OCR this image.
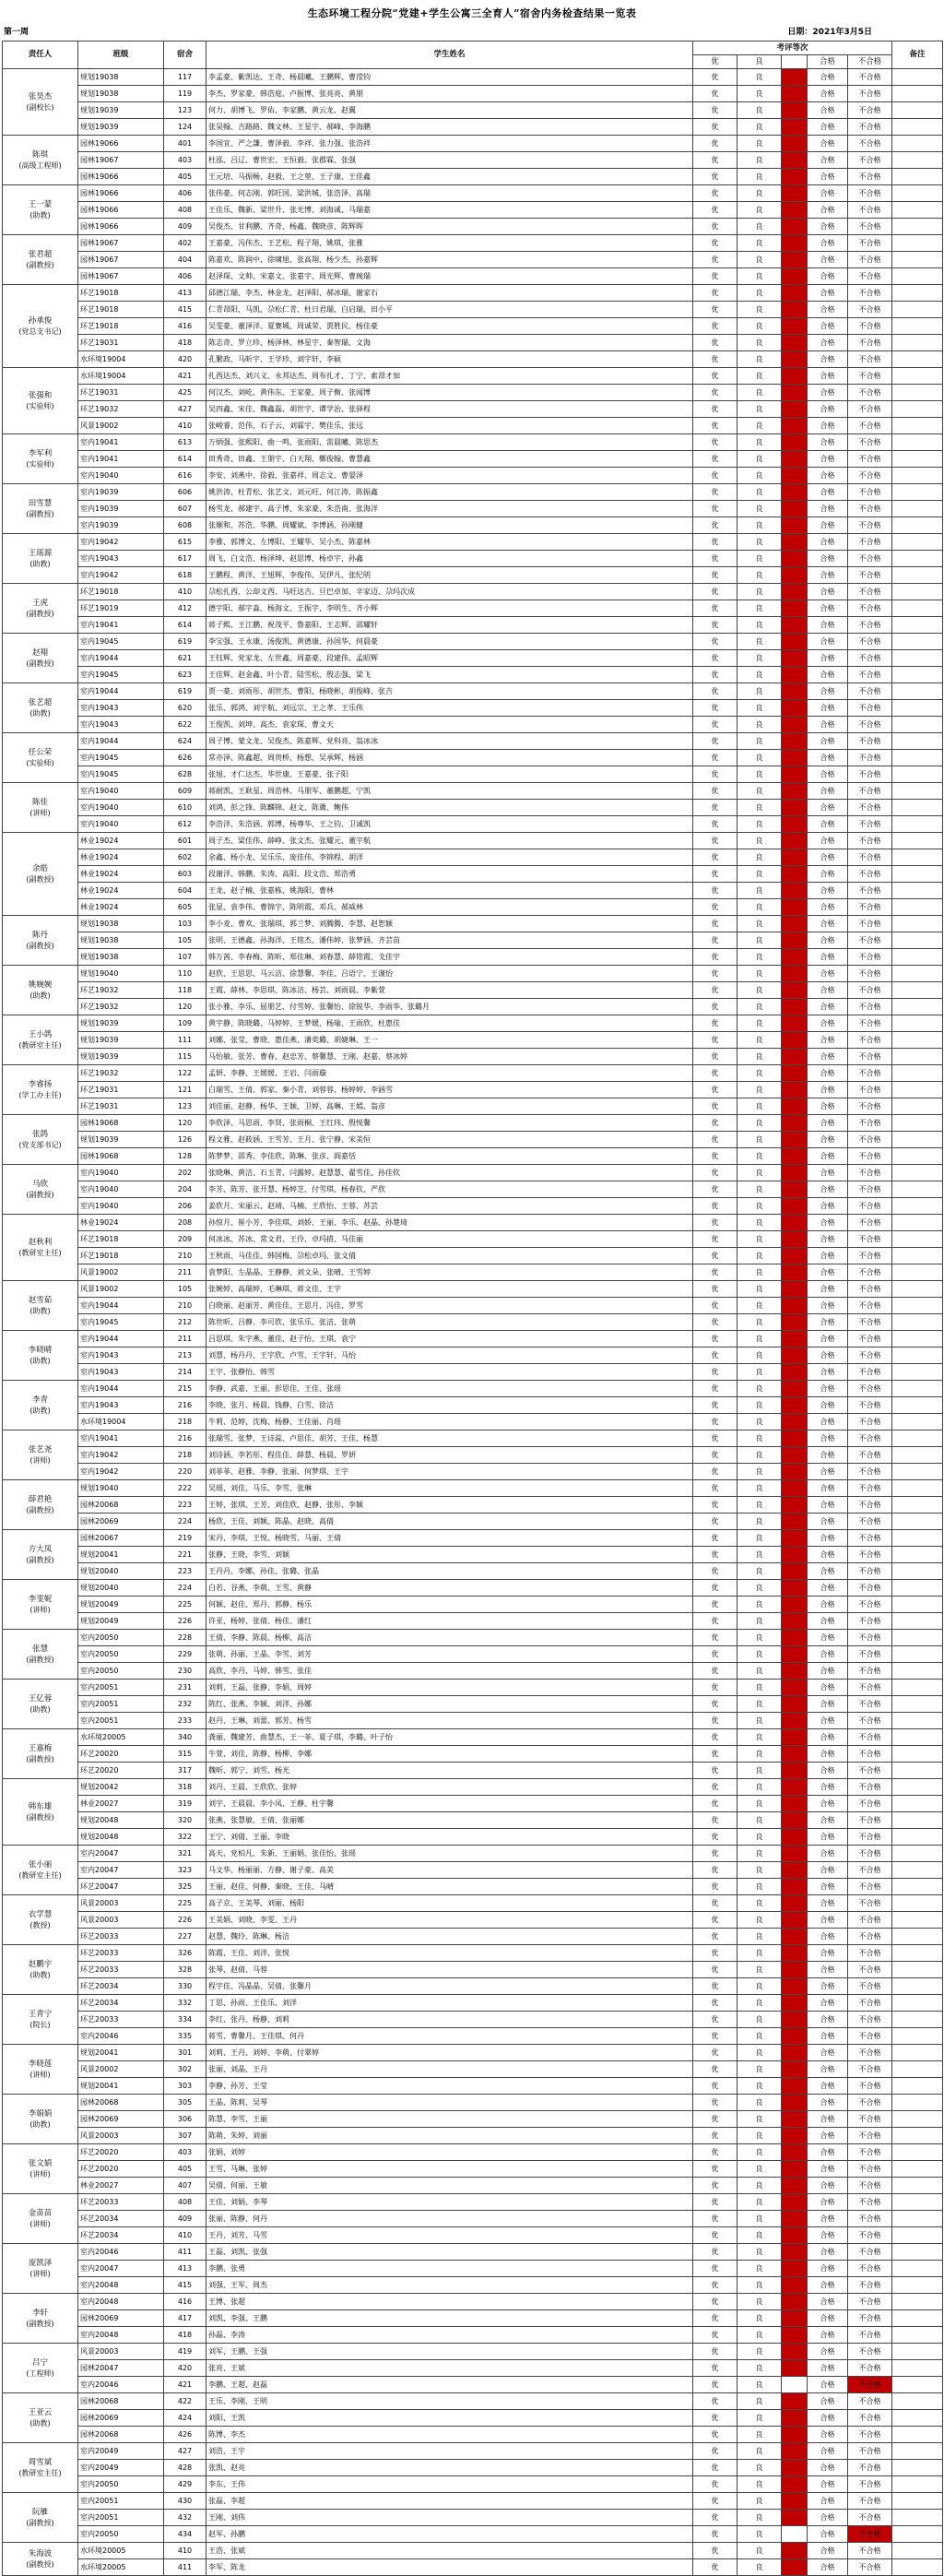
生态环境工程分院“党建+学生公寓三全育人”宿舍内务检查结果一览表
第一周	日期：2021年3月5日
责任人	班级	宿舍	学生姓名	考评等次					备注
				优	良		合格	不合格	

张昊杰
(副校长)	规划19038	117	李孟豪、紫凯达、王奇、杨晨曦、王鹏辉、曹滢钧	优	良		合格	不合格	
	规划19038	119	李杰、罗家豪、韩浩庭、卢振博、张亮亮、黄朋	优	良		合格	不合格	
	规划19039	123	何力、胡博飞、罗佑、李家鹏、黄云龙、赵翼	优	良		合格	不合格	
	规划19039	124	张昊翰、吉路路、魏文林、王星宇、郝峰、李海鹏	优	良		合格	不合格	

陈琪
(高级工程师)	园林19066	401	李国宜、严之謙、曹泽毅、李祥、张力强、张浩祥	优	良		合格	不合格	
	园林19067	403	杜泓、吕辽、曹世宏、王恒毅、张郡霖、张强	优	良		合格	不合格	
	园林19066	405	王元培、马振畅、赵毅、王之堃、王子康、王佳鑫	优	良		合格	不合格	

王一蒙
(助教)	园林19066	406	张伟豪、何志刚、郭旺国、梁洪城、张浩泽、高瑞	优	良		合格	不合格	
	园林19066	408	王佳乐、魏新、梁世升、张光博、刘海诚、马瑞嘉	优	良		合格	不合格	
	园林19066	409	吴俊杰、甘利鹏、齐奇、杨鑫、魏晓彦、陈辉晖	优	良		合格	不合格	

张君超
(副教授)	园林19067	402	王嘉豪、冯伟杰、王艺松、程子翔、姚琪、张雅	优	良		合格	不合格	
	园林19067	404	陈嘉欢、陈润中、徐啸旭、张高翔、杨少杰、孙嘉辉	优	良		合格	不合格	
	园林19067	406	赵泽琛、文帅、宋嘉文、张嘉宇、周光辉、曹琬瑞	优	良		合格	不合格	

孙承俊
(党总支书记)	环艺19018	413	邱德江瑞、李杰、林金龙、赵泽阳、郝冰瑞、谢家石	优	良		合格	不合格	
	环艺19018	415	仁青昂阳、马凯、尕松仁青、杜日君瑞、白启瑞、田小平	优	良		合格	不合格	
	环艺19018	416	吴雯豪、董泽洋、夏赛城、周诚荣、贾胜民、杨佳豪	优	良		合格	不合格	
	环艺19031	418	陈志奇、罗立珍、杨泽林、林星宇、秦智瑞、文海	优	良		合格	不合格	
	水环境19004	420	孔繁政、马昕宇、王学珍、刘宇轩、李硕	优	良		合格	不合格	

张强和
(实验师)	水环境19004	421	扎西达杰、刘兴义、永邦达杰、周布扎才、丁宁、索昂才加	优	良		合格	不合格	
	环艺19031	425	何汉杰、刘屹、黄伟东、王家豪、周子衡、张闻博	优	良		合格	不合格	
	环艺19032	427	吴四鑫、宋佳、魏鑫磊、胡世宇、谭学治、张驿程	优	良		合格	不合格	
	风景19002	410	张峻睿、范伟、石子云、刘霖宇、樊佳乐、张远	优	良		合格	不合格	

李军利
(实验师)	室内19041	613	万炳强、张熙阳、曲一鸣、张雨阳、雷晨曦、陈思杰	优	良		合格	不合格	
	室内19041	614	田秀奇、田鑫、王朋宇、白天翔、鄭俊翰、曹慧鑫	优	良		合格	不合格	
	室内19040	616	李安、刘燕中、徐毅、张嘉祥、周志文、曹晏泽	优	良		合格	不合格	

田雪慧
(副教授)	室内19039	606	姚洪涛、杜青松、张艺文、刘元旺、何江涛、陈振鑫	优	良		合格	不合格	
	室内19039	607	杨雪龙、郝建宇、高子博、朱家豪、朱浩南、张海洋	优	良		合格	不合格	
	室内19039	608	张顺和、苏浩、华鹏、周耀斌、李博涵、孙刚健	优	良		合格	不合格	

王瑶源
(助教)	室内19042	615	李雅、郭博文、左博阳、王耀华、吴小杰、陈嘉林	优	良		合格	不合格	
	室内19043	617	周飞、白文浩、杨泽坤、赵思博、杨卓宇、孙鑫	优	良		合格	不合格	
	室内19042	618	王鹏程、黄洋、王旭辉、李俊伟、吴伊凡、张纪明	优	良		合格	不合格	

王虎
(副教授)	环艺19018	410	尕松扎西、公却文西、马旺达吉、旦巴卓加、辛家迈、尕玛次成	优	良		合格	不合格	
	环艺19019	412	德宇阳、郝宇淼、杨海文、王振宇、李明生、齐小辉	优	良		合格	不合格	
	室内19041	614	蒋子熙、王江鹏、祝茂平、鲁嘉阳、王志辉、邵耀轩	优	良		合格	不合格	

赵翔
(副教授)	室内19045	619	李宝强、王永康、汤俊凯、黄德康、孙国华、何晨豪	优	良		合格	不合格	
	室内19044	621	王钰辉、党家龙、左世鑫、周嘉豪、段建伟、孟昭辉	优	良		合格	不合格	
	室内19045	623	王佳辉、赵金鑫、叶小青、陆雪松、殷志强、梁飞	优	良		合格	不合格	

张艺超
(助教)	室内19044	619	贾一豪、刘雨彤、胡世杰、曹阳、杨晓彬、胡俊峰、张吉	优	良		合格	不合格	
	室内19043	620	张乐、郭鸿、刘宇航、刘远宗、王之孝、王乐伟	优	良		合格	不合格	
	室内19043	622	王俊凯、刘坤、高杰、袁家琛、曹文天	优	良		合格	不合格	

任公荣
(实验师)	室内19044	624	周子博、蒙文龙、吴俊杰、陈嘉辉、党科亮、翁冰冰	优	良		合格	不合格	
	室内19045	626	常亦泽、陈鑫超、周贵桥、杨想、吴承辉、杨涵	优	良		合格	不合格	
	室内19045	628	张旭、才仁达杰、华世康、王嘉豪、张子阳	优	良		合格	不合格	

陈佳
(讲师)	室内19040	609	蒋耐凯、王耿星、周浩林、马朋军、董鹏超、宁凯	优	良		合格	不合格	
	室内19040	610	刘鸿、彭之锋、陈麟锦、赵文、陈冀、鲍伟	优	良		合格	不合格	
	室内19040	612	李浩洋、朱浩涵、郭博、杨尊华、王之钧、卫诚凯	优	良		合格	不合格	

余皓
(副教授)	林业19024	601	周子杰、梁佳伟、薛峥、张文杰、张耀元、董宇航	优	良		合格	不合格	
	林业19024	602	余鑫、杨小龙、吴乐乐、庞佳伟、李锦程、胡洋	优	良		合格	不合格	
	林业19024	603	段谢洋、韩鹏、朱涛、高阳、段文浩、郑浩勇	优	良		合格	不合格	
	林业19024	604	王龙、赵子楠、张嘉栋、姚海阳、曹林	优	良		合格	不合格	
	林业19024	605	张显、袁李伟、曹锦宇、陈明霞、邓兵、郝威林	优	良		合格	不合格	

陈丹
(副教授)	规划19038	103	李小麦、曹欢、张瑞琪、郭兰梦、刘腾腾、李慧、赵恕颖	优	良		合格	不合格	
	规划19038	105	张明、王德鑫、孙海洋、王铭杰、潘伟婷、张梦涵、齐芸苗	优	良		合格	不合格	
	规划19038	107	韩万茜、李春梅、陈昕、郑佳琳、刘春慧、薛铭霞、戈佳宇	优	良		合格	不合格	

姚婉婉
(助教)	规划19040	110	赵欣、王思思、马云洁、徐慧馨、李佳、吕语宁、王谨怡	优	良		合格	不合格	
	环艺19032	118	王霞、薛林、李思琪、陈冰洁、杨芸、刘雨晨、李紫萱	优	良		合格	不合格	
	环艺19032	120	张小雅、李乐、屈朋艺、付雪婷、张馨怡、徐锐华、李雨华、张璐月	优	良		合格	不合格	

王小鸽
(教研室主任)	规划19039	109	黄宇静、陈晓璐、马婷婷、王梦媛、杨瑜、王雨欣、杜惠佳	优	良		合格	不合格	
	规划19039	111	刘娜、张莹、曹晓、惠佳燕、潘奕璐、胡婕琳、王一	优	良		合格	不合格	
	规划19039	115	马怡敏、张芳、曹春、赵忠芳、蔡馨慧、王刚、赵嘉、蔡冰婷	优	良		合格	不合格	

李睿扬
(学工办主任)	环艺19032	122	孟妍、李静、王媛媛、王岩、闫雨璇	优	良		合格	不合格	
	环艺19031	121	白瑞雪、王倩、郭家、秦小青、刘蓉蓉、杨婷婷、李涵雪	优	良		合格	不合格	
	环艺19031	123	刘佳丽、赵静、杨华、王颖、卫婷、高琳、王嫣、翁彦	优	良		合格	不合格	

张鸽
(党支部书记)	园林19068	120	李欣泽、马思雨、李贤、张雨桐、王红玮、殷悦馨	优	良		合格	不合格	
	规划19039	126	程文雅、赵筱涵、王雪芳、王月、张宁静、宋美恒	优	良		合格	不合格	
	园林19068	128	陈梦梦、邵秀、李佳欣、陈琳、张彦、阎嘉恬	优	良		合格	不合格	

马欣
(副教授)	室内19040	202	张晓琳、黄洁、石玉青、闫露婷、赵慧慧、翟雪佳、孙佳钦	优	良		合格	不合格	
	室内19040	204	李芳、陈芳、张开慧、杨婷芝、付雪琪、杨春钦、严欣	优	良		合格	不合格	
	室内19040	206	姜欣月、宋丽云、赵靖、马楠、王欣怡、王蓉、苏芸	优	良		合格	不合格	

赵秋利
(教研室主任)	林业19024	208	孙惊月、崔小芳、李佳琪、刘娇、王丽、李乐、赵晶、孙楚琦	优	良		合格	不合格	
	环艺19018	209	何冰冰、苏冰、常文君、王伶、卓玛措、马佳丽	优	良		合格	不合格	
	环艺19018	210	王秋雨、马佳佳、韩国梅、尕松卓玛、张文倩	优	良		合格	不合格	
	风景19002	211	袁梦阳、左晶晶、王静静、刘文朵、张晴、王雪婷	优	良		合格	不合格	

赵雪茹
(助教)	风景19002	105	张婉婷、高瑞婷、毛琳琪、蒋文佳、王宇	优	良		合格	不合格	
	室内19044	210	白晓丽、赵丽芳、黄佳佳、王思月、冯佳、罗雪	优	良		合格	不合格	
	室内19045	212	陈世昕、吕静、李可欣、张乐乐、张洁、张萌	优	良		合格	不合格	

李晓晴
(助教)	室内19044	211	吕思琪、朱宇燕、董佳、赵子怡、王琪、袁宁	优	良		合格	不合格	
	室内19043	213	刘慧、杨丹丹、王宇欣、卢雪、王宇轩、马怡	优	良		合格	不合格	
	室内19043	214	王宇、张静怡、韩雪	优	良		合格	不合格	

李青
(助教)	室内19044	215	李静、武嘉、王丽、彭思佳、王佳、张瑶	优	良		合格	不合格	
	室内19043	216	李晓、张月、杨晨、钱静、白雪、徐洁	优	良		合格	不合格	
	水环境19004	218	牛莉、范婷、沈梅、杨静、王佳丽、肖瑶	优	良		合格	不合格	

张艺尧
(讲师)	室内19041	216	张瑞雪、张梦、王诗蕊、卢思佳、胡芳、王佳、杨慧	优	良		合格	不合格	
	室内19042	218	刘诗涵、李若彤、程佳佳、薛慧、杨晨、罗妍	优	良		合格	不合格	
	室内19042	220	刘菲菲、赵雅、李静、张丽、何梦琪、王宇	优	良		合格	不合格	

薛君艳
(副教授)	规划19040	222	吴瑶、刘佳、马乐、李雪、张琳	优	良		合格	不合格	
	园林20068	223	王婷、张琪、王芳、刘佳欣、赵静、张彤、李颖	优	良		合格	不合格	
	园林20069	224	杨欣、王佳、刘颖、陈晶、赵晓、高倩	优	良		合格	不合格	

方大凤
(副教授)	园林20067	219	宋丹、李琪、王悦、杨晓雪、马丽、王倩	优	良		合格	不合格	
	规划20041	221	张静、王晓、李雪、刘颖	优	良		合格	不合格	
	规划20040	223	王丹丹、李娜、孙佳、张璐、张晶	优	良		合格	不合格	

李雯妮
(讲师)	规划20040	224	白若、谷燕、李萌、王雪、黄静	优	良		合格	不合格	
	规划20049	225	何颖、赵佳、郑丹、郭静、杨乐	优	良		合格	不合格	
	规划20049	226	许亚、杨婷、张倩、杨佳、潘红	优	良		合格	不合格	

张慧
(副教授)	室内20050	228	王倩、李静、陈晨、杨柳、高洁	优	良		合格	不合格	
	室内20050	229	张萌、孙丽、王晶、李雪、刘芳	优	良		合格	不合格	
	室内20050	230	高欣、李丹、马婷、韩雪、张佳	优	良		合格	不合格	

王亿蓉
(助教)	室内20051	231	刘莉、王磊、张静、李娟、周婷	优	良		合格	不合格	
	室内20051	232	陈红、张燕、李颖、刘洋、孙娜	优	良		合格	不合格	
	室内20051	233	赵丹、王琳、刘蕾、郭芳、杨雪	优	良		合格	不合格	

王嘉梅
(副教授)	水环境20005	340	龚丽、魏建芳、曲慧杰、王一菲、夏子琪、李璐、叶子怡	优	良		合格	不合格	
	环艺20020	315	牛萱、刘佳、陈静、杨柳、李娜	优	良		合格	不合格	
	环艺20020	317	魏昕、郭宁、刘雪、杨光	优	良		合格	不合格	

韩东雄
(副教授)	规划20042	318	刘丹、王晨、王欣欣、张婷	优	良		合格	不合格	
	林业20027	319	刘宇、王晨晨、李小凤、王静、杜宇馨	优	良		合格	不合格	
	规划20048	320	张燕、张慧敏、王倩、张丽娜	优	良		合格	不合格	
	规划20048	322	王宁、刘倩、王丽、李晓	优	良		合格	不合格	

张小丽
(教研室主任)	室内20047	321	高天、党柏凡、朱新、王丽娟、张佳怡、张瑶	优	良		合格	不合格	
	室内20047	323	马文华、杨丽丽、方静、谢子豪、高美	优	良		合格	不合格	
	环艺20047	325	王丽、赵佳、何静、秦晓、王佳、马晴	优	良		合格	不合格	

衣学慧
(教授)	风景20003	225	高子京、王美琴、刘丽、杨阳	优	良		合格	不合格	
	风景20003	226	王美娟、刘晓、李雯、王丹	优	良		合格	不合格	
	环艺20033	227	赵慧、魏玲、陈琳、杨洁	优	良		合格	不合格	

赵鹏宇
(助教)	环艺20033	326	陈霞、王佳、刘洋、张悦	优	良		合格	不合格	
	环艺20033	328	张琴、赵倩、马蓉	优	良		合格	不合格	
	环艺20034	330	程宇佳、冯晶晶、吴倩、张馨月	优	良		合格	不合格	

王青宁
(院长)	环艺20034	332	丁思、孙雨、王佳乐、刘洋	优	良		合格	不合格	
	环艺20033	334	李红、张丹、杨静、刘莉	优	良		合格	不合格	
	室内20046	335	蒋雪、曹馨月、王佳琪、何丹	优	良		合格	不合格	

李晓莲
(讲师)	规划20041	301	刘莉、王丹、刘婷、李萌、付翠婷	优	良		合格	不合格	
	风景20002	302	张丽、刘晶、王丹	优	良		合格	不合格	
	规划20041	303	李静、孙芳、王莹	优	良		合格	不合格	

李娟娟
(助教)	园林20068	305	王晶、陈莉、吴琴	优	良		合格	不合格	
	园林20069	306	陈慧、李雪、王丽	优	良		合格	不合格	
	风景20003	307	陈萌、朱婷、刘丽	优	良		合格	不合格	

张文娟
(讲师)	环艺20020	403	张娟、刘婷	优	良		合格	不合格	
	环艺20020	405	王雪、马琳、张婷	优	良		合格	不合格	
	林业20027	407	吴倩、何丽、王敏	优	良		合格	不合格	

金苗苗
(讲师)	环艺20033	408	王佳、刘娟、李琴	优	良		合格	不合格	
	环艺20034	409	张丽、陈静、何丹	优	良		合格	不合格	
	环艺20034	410	王丹、刘芳、马雪	优	良		合格	不合格	

庞凯泽
(讲师)	室内20046	411	王磊、刘凯、张强	优	良		合格	不合格	
	室内20047	413	李鹏、张勇	优	良		合格	不合格	
	室内20048	415	刘强、王军、周杰	优	良		合格	不合格	

李轩
(副教授)	室内20048	416	王博、张超	优	良		合格	不合格	
	园林20069	417	刘凯、李强、王鹏	优	良		合格	不合格	
	室内20048	418	孙磊、李涛	优	良		合格	不合格	

吕宁
(工程师)	风景20003	419	刘军、王鹏、王强	优	良		合格	不合格	
	园林20047	420	张亮、王斌	优	良		合格	不合格	
	室内20046	421	李鹏、王超、赵磊	优	良		合格	不合格	

王亚云
(助教)	园林20068	422	王乐、李刚、王明	优	良		合格	不合格	
	园林20069	424	刘阳、王凯	优	良		合格	不合格	
	园林20068	426	陈博、李杰	优	良		合格	不合格	

周雪斌
(教研室主任)	室内20049	427	刘浩、王宇	优	良		合格	不合格	
	室内20049	428	张凯、赵亮	优	良		合格	不合格	
	室内20050	429	李东、王伟	优	良		合格	不合格	

阮雁
(副教授)	室内20051	430	张磊、李超	优	良		合格	不合格	
	室内20051	432	王刚、刘伟	优	良		合格	不合格	
	室内20050	434	赵军、孙鹏	优	良		合格	不合格	

朱海波
(副教授)	水环境20005	410	王浩、张斌	优	良		合格	不合格	
	水环境20005	411	李军、陈龙	优	良		合格	不合格	
